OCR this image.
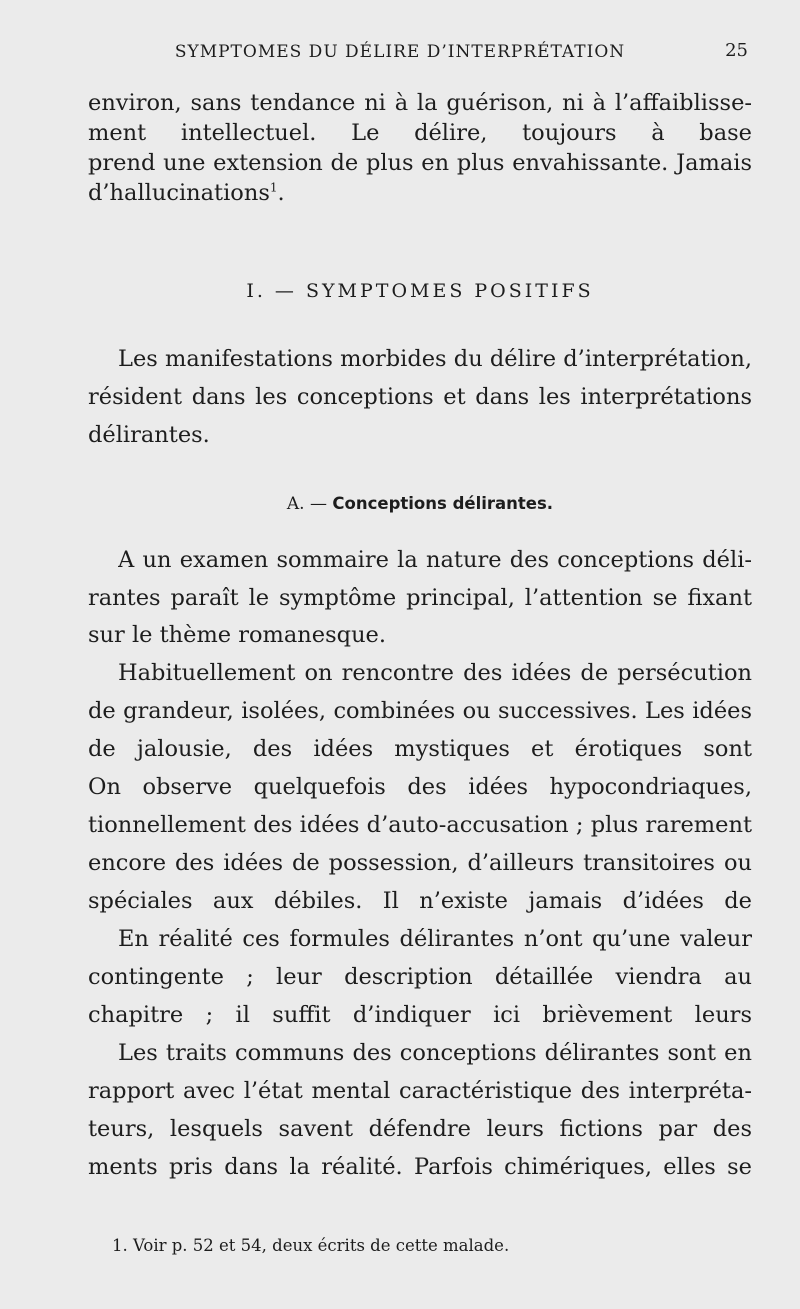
SYMPTOMES DU DÉLIRE D’INTERPRÉTATION	25
environ, sans tendance ni à la guérison, ni à l’affaiblisse-
ment intellectuel. Le délire, toujours à base
prend une extension de plus en plus envahissante. Jamais
d’hallucinations$^1$.
I. — SYMPTOMES POSITIFS
Les manifestations morbides du délire d’interprétation,
résident dans les conceptions et dans les interprétations
délirantes.
A. — Conceptions délirantes.
A un examen sommaire la nature des conceptions déli-
rantes paraît le symptôme principal, l’attention se fixant
sur le thème romanesque.
Habituellement on rencontre des idées de persécution
de grandeur, isolées, combinées ou successives. Les idées
de jalousie, des idées mystiques et érotiques sont
On observe quelquefois des idées hypocondriaques,
tionnellement des idées d’auto-accusation ; plus rarement
encore des idées de possession, d’ailleurs transitoires ou
spéciales aux débiles. Il n’existe jamais d’idées de
En réalité ces formules délirantes n’ont qu’une valeur
contingente ; leur description détaillée viendra au
chapitre ; il suffit d’indiquer ici brièvement leurs
Les traits communs des conceptions délirantes sont en
rapport avec l’état mental caractéristique des interpréta-
teurs, lesquels savent défendre leurs fictions par des
ments pris dans la réalité. Parfois chimériques, elles se
1. Voir p. 52 et 54, deux écrits de cette malade.
